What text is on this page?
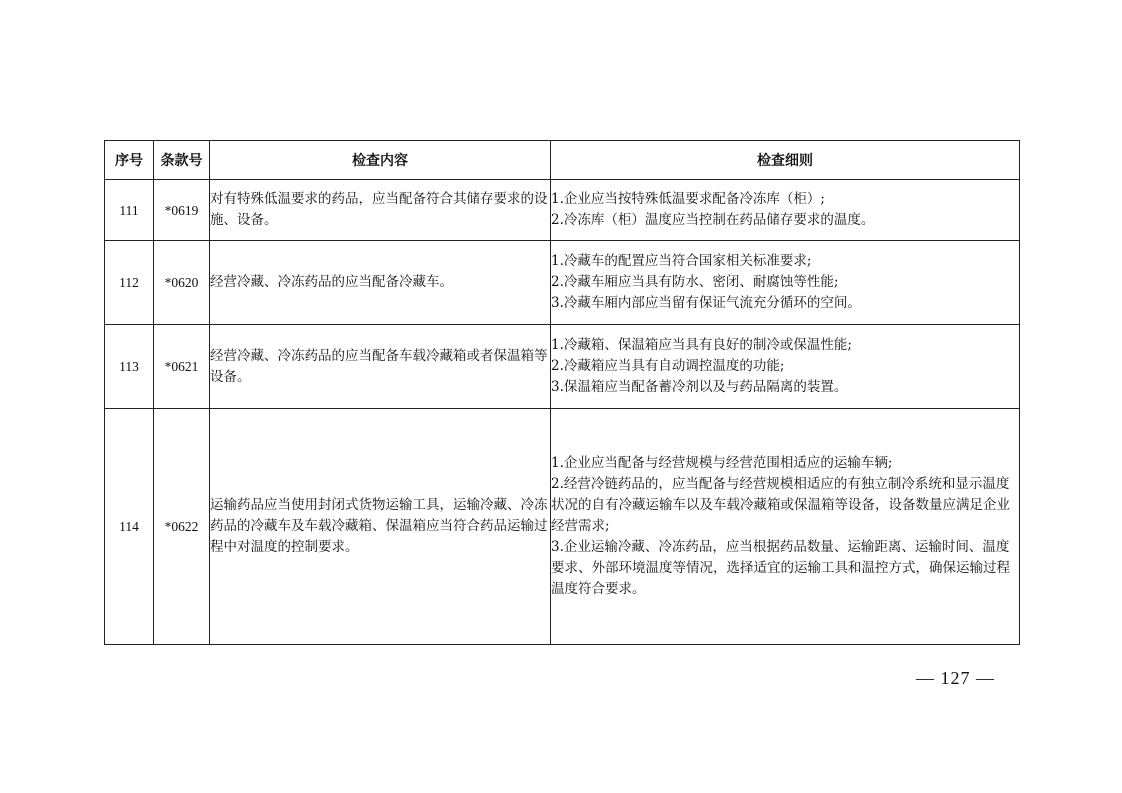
序号	条款号	检查内容	检查细则
111	*0619	对有特殊低温要求的药品，应当配备符合其储存要求的设施、设备。	1.企业应当按特殊低温要求配备冷冻库（柜）;
2.冷冻库（柜）温度应当控制在药品储存要求的温度。

112	*0620	经营冷藏、冷冻药品的应当配备冷藏车。	1.冷藏车的配置应当符合国家相关标准要求;
2.冷藏车厢应当具有防水、密闭、耐腐蚀等性能;
3.冷藏车厢内部应当留有保证气流充分循环的空间。

113	*0621	经营冷藏、冷冻药品的应当配备车载冷藏箱或者保温箱等设备。	1.冷藏箱、保温箱应当具有良好的制冷或保温性能;
2.冷藏箱应当具有自动调控温度的功能;
3.保温箱应当配备蓄冷剂以及与药品隔离的装置。

114	*0622	运输药品应当使用封闭式货物运输工具，运输冷藏、冷冻药品的冷藏车及车载冷藏箱、保温箱应当符合药品运输过程中对温度的控制要求。	1.企业应当配备与经营规模与经营范围相适应的运输车辆;
2.经营冷链药品的，应当配备与经营规模相适应的有独立制冷系统和显示温度状况的自有冷藏运输车以及车载冷藏箱或保温箱等设备，设备数量应满足企业经营需求;
3.企业运输冷藏、冷冻药品，应当根据药品数量、运输距离、运输时间、温度要求、外部环境温度等情况，选择适宜的运输工具和温控方式，确保运输过程温度符合要求。
— 127 —
